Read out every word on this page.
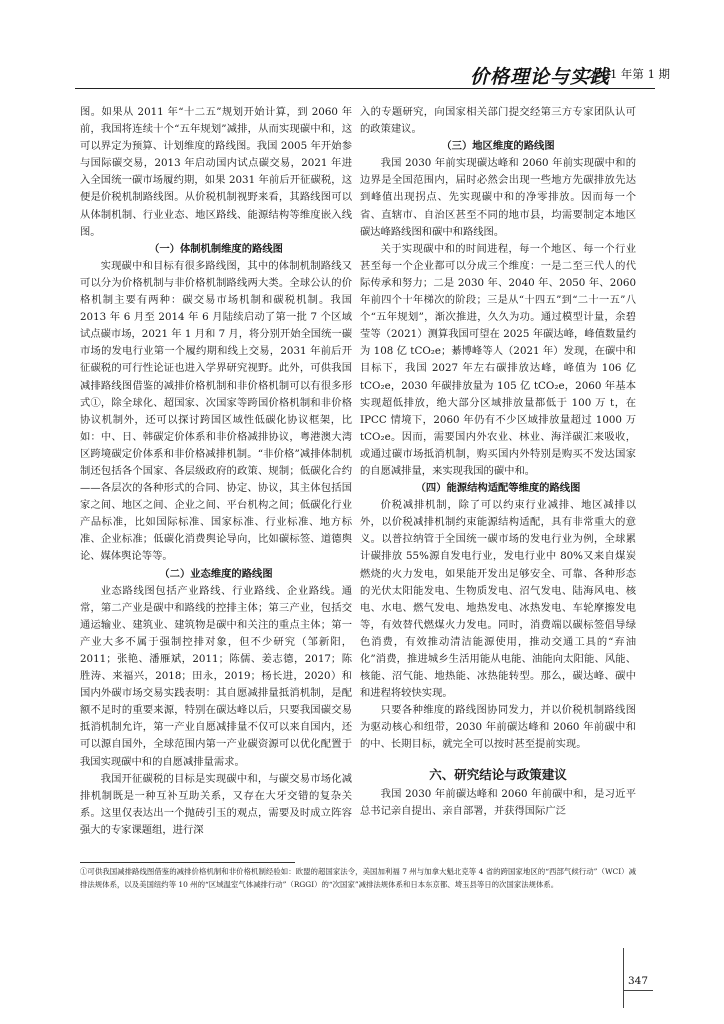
价格理论与实践
2021 年第 1 期

图。如果从 2011 年“十二五”规划开始计算，到 2060 年前，我国将连续十个“五年规划”减排，从而实现碳中和，这可以界定为预算、计划维度的路线图。我国 2005 年开始参与国际碳交易，2013 年启动国内试点碳交易，2021 年进入全国统一碳市场履约期，如果 2031 年前后开征碳税，这便是价税机制路线图。从价税机制视野来看，其路线图可以从体制机制、行业业态、地区路线、能源结构等维度嵌入线图。

（一）体制机制维度的路线图

实现碳中和目标有很多路线图，其中的体制机制路线又可以分为价格机制与非价格机制路线两大类。全球公认的价格机制主要有两种：碳交易市场机制和碳税机制。我国 2013 年 6 月至 2014 年 6 月陆续启动了第一批 7 个区域试点碳市场，2021 年 1 月和 7 月，将分别开始全国统一碳市场的发电行业第一个履约期和线上交易，2031 年前后开征碳税的可行性论证也进入学界研究视野。此外，可供我国减排路线图借鉴的减排价格机制和非价格机制可以有很多形式①，除全球化、超国家、次国家等跨国价格机制和非价格协议机制外，还可以探讨跨国区域性低碳化协议框架，比如：中、日、韩碳定价体系和非价格减排协议，粤港澳大湾区跨境碳定价体系和非价格减排机制。“非价格”减排体制机制还包括各个国家、各层级政府的政策、规制；低碳化合约——各层次的各种形式的合同、协定、协议，其主体包括国家之间、地区之间、企业之间、平台机构之间；低碳化行业产品标准，比如国际标准、国家标准、行业标准、地方标准、企业标准；低碳化消费舆论导向，比如碳标签、道德舆论、媒体舆论等等。

（二）业态维度的路线图

业态路线图包括产业路线、行业路线、企业路线。通常，第二产业是碳中和路线的控排主体；第三产业，包括交通运输业、建筑业、建筑物是碳中和关注的重点主体；第一产业大多不属于强制控排对象，但不少研究（邹新阳，2011；张艳、潘雁斌，2011；陈儒、姜志德，2017；陈胜涛、来福兴，2018；田永，2019；杨长进，2020）和国内外碳市场交易实践表明：其自愿减排量抵消机制，是配额不足时的重要来源，特别在碳达峰以后，只要我国碳交易抵消机制允许，第一产业自愿减排量不仅可以来自国内，还可以源自国外，全球范围内第一产业碳资源可以优化配置于我国实现碳中和的自愿减排量需求。

我国开征碳税的目标是实现碳中和，与碳交易市场化减排机制既是一种互补互助关系，又存在大牙交错的复杂关系。这里仅表达出一个抛砖引玉的观点，需要及时成立阵容强大的专家课题组，进行深

入的专题研究，向国家相关部门提交经第三方专家团队认可的政策建议。

（三）地区维度的路线图

我国 2030 年前实现碳达峰和 2060 年前实现碳中和的边界是全国范围内，届时必然会出现一些地方先碳排放先达到峰值出现拐点、先实现碳中和的净零排放。因而每一个省、直辖市、自治区甚至不同的地市县，均需要制定本地区碳达峰路线图和碳中和路线图。

关于实现碳中和的时间进程，每一个地区、每一个行业甚至每一个企业都可以分成三个维度：一是二至三代人的代际传承和努力；二是 2030 年、2040 年、2050 年、2060 年前四个十年梯次的阶段；三是从“十四五”到“二十一五”八个“五年规划”，渐次推进，久久为功。通过模型计量，余碧莹等（2021）测算我国可望在 2025 年碳达峰，峰值数量约为 108 亿 tCO₂e；綦博峰等人（2021 年）发现，在碳中和目标下，我国 2027 年左右碳排放达峰，峰值为 106 亿 tCO₂e，2030 年碳排放量为 105 亿 tCO₂e，2060 年基本实现超低排放，绝大部分区域排放量都低于 100 万 t，在 IPCC 情境下，2060 年仍有不少区域排放量超过 1000 万 tCO₂e。因而，需要国内外农业、林业、海洋碳汇来吸收，或通过碳市场抵消机制，购买国内外特别是购买不发达国家的自愿减排量，来实现我国的碳中和。

（四）能源结构适配等维度的路线图

价税减排机制，除了可以约束行业减排、地区减排以外，以价税减排机制约束能源结构适配，具有非常重大的意义。以普拉纳管于全国统一碳市场的发电行业为例，全球累计碳排放 55%源自发电行业，发电行业中 80%又来自煤炭燃烧的火力发电，如果能开发出足够安全、可靠、各种形态的光伏太阳能发电、生物质发电、沼气发电、陆海风电、核电、水电、燃气发电、地热发电、冰热发电、车轮摩擦发电等，有效替代燃煤火力发电。同时，消费端以碳标签倡导绿色消费，有效推动清洁能源使用，推动交通工具的“弃油化”消费，推进城乡生活用能从电能、油能向太阳能、风能、核能、沼气能、地热能、冰热能转型。那么，碳达峰、碳中和进程将较快实现。

只要各种维度的路线图协同发力，并以价税机制路线图为驱动核心和纽带，2030 年前碳达峰和 2060 年前碳中和的中、长期目标，就完全可以按时甚至提前实现。

六、研究结论与政策建议

我国 2030 年前碳达峰和 2060 年前碳中和，是习近平总书记亲自提出、亲自部署，并获得国际广泛

①可供我国减排路线图借鉴的减排价格机制和非价格机制经验如：欧盟的超国家法令，美国加利福 7 州与加拿大魁北克等 4 省的跨国家地区的“西部气候行动”（WCI）减排法规体系，以及美国纽约等 10 州的“区域温室气体减排行动”（RGGI）的“次国家”减排法规体系和日本东京都、埼玉县等日的次国家法规体系。
347
